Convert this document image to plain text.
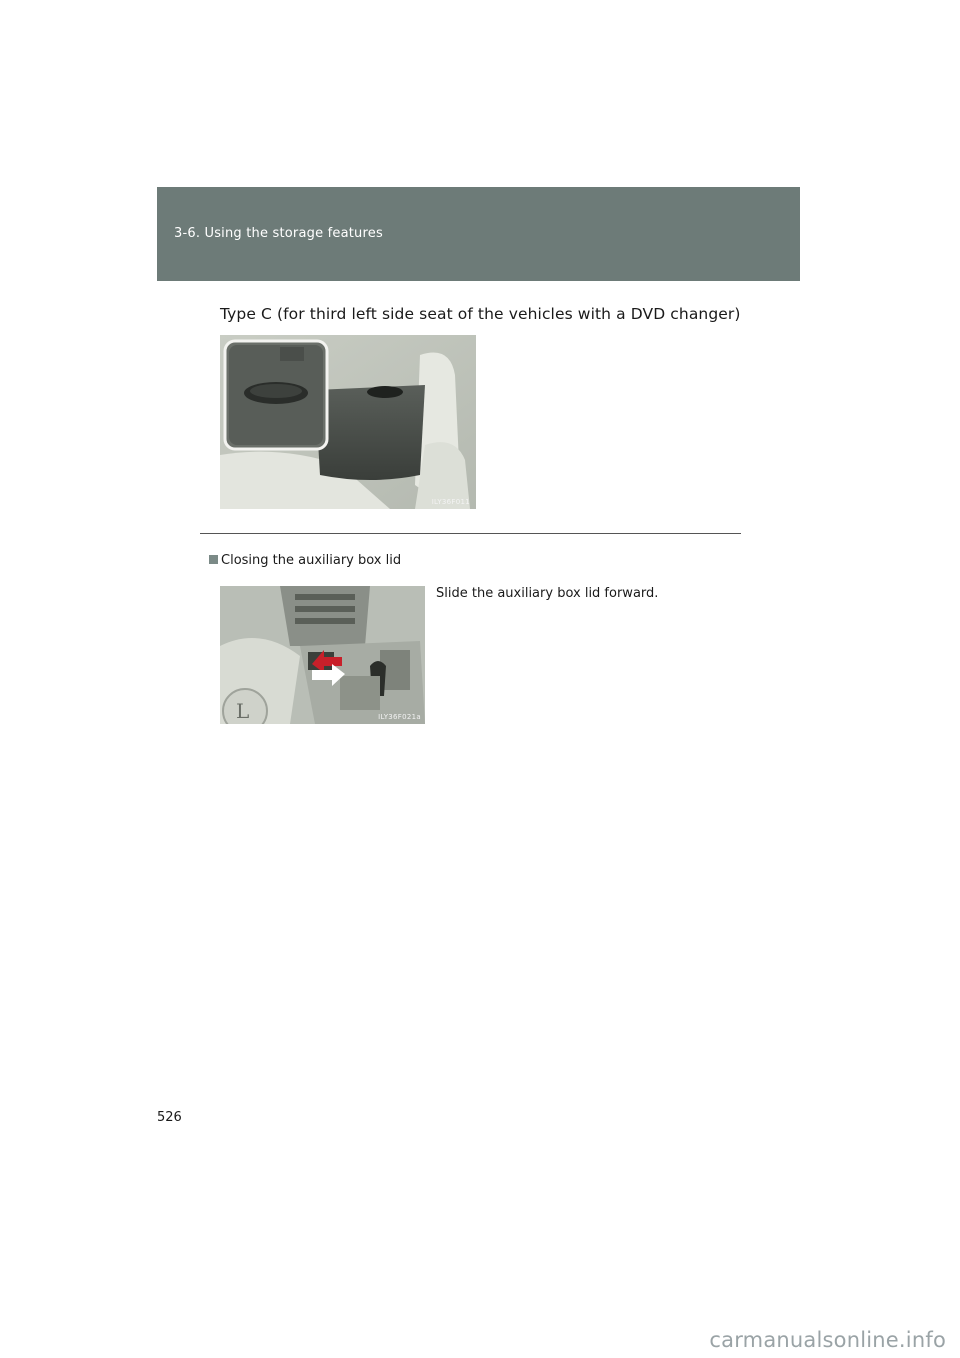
3-6. Using the storage features
Auxiliary boxes
Type C (for third left side seat of the vehicles with a DVD changer)
ILY36F011
Closing the auxiliary box lid
L	ILY36F021a
Slide the auxiliary box lid forward.
526
carmanualsonline.info
